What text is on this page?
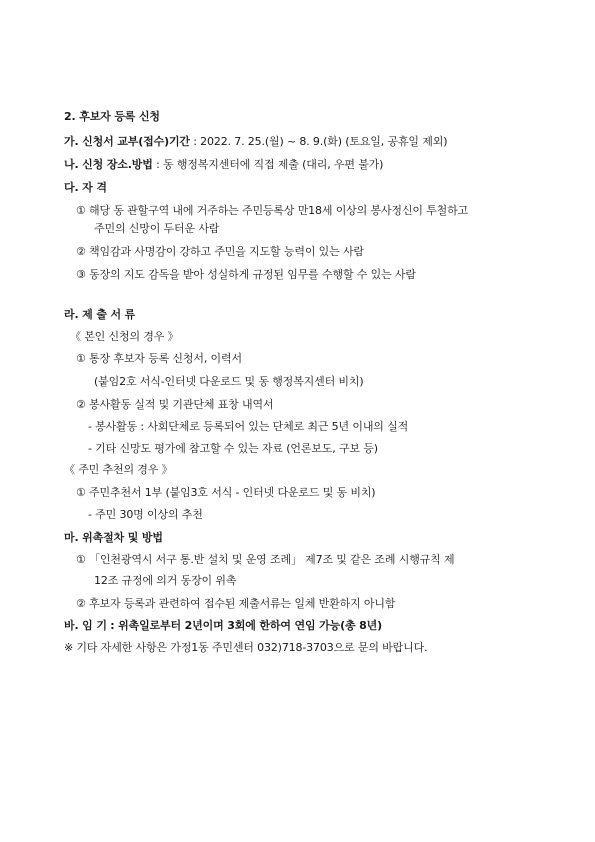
2. 후보자 등록 신청
가. 신청서 교부(접수)기간 : 2022. 7. 25.(월) ~ 8. 9.(화) (토요일, 공휴일 제외)
나. 신청 장소.방법 : 동 행정복지센터에 직접 제출 (대리, 우편 불가)
다. 자 격
① 해당 동 관할구역 내에 거주하는 주민등록상 만18세 이상의 봉사정신이 투철하고
주민의 신망이 두터운 사람
② 책임감과 사명감이 강하고 주민을 지도할 능력이 있는 사람
③ 동장의 지도 감독을 받아 성실하게 규정된 임무를 수행할 수 있는 사람
라. 제 출 서 류
《 본인 신청의 경우 》
① 통장 후보자 등록 신청서, 이력서
(붙임2호 서식-인터넷 다운로드 및 동 행정복지센터 비치)
② 봉사활동 실적 및 기관단체 표창 내역서
- 봉사활동 : 사회단체로 등록되어 있는 단체로 최근 5년 이내의 실적
- 기타 신망도 평가에 참고할 수 있는 자료 (언론보도, 구보 등)
《 주민 추천의 경우 》
① 주민추천서 1부 (붙임3호 서식 - 인터넷 다운로드 및 동 비치)
- 주민 30명 이상의 추천
마. 위촉절차 및 방법
① 「인천광역시 서구 통.반 설치 및 운영 조례」 제7조 및 같은 조례 시행규칙 제
12조 규정에 의거 동장이 위촉
② 후보자 등록과 관련하여 접수된 제출서류는 일체 반환하지 아니함
바. 임 기 : 위촉일로부터 2년이며 3회에 한하여 연임 가능(총 8년)
※ 기타 자세한 사항은 가정1동 주민센터 032)718-3703으로 문의 바랍니다.
